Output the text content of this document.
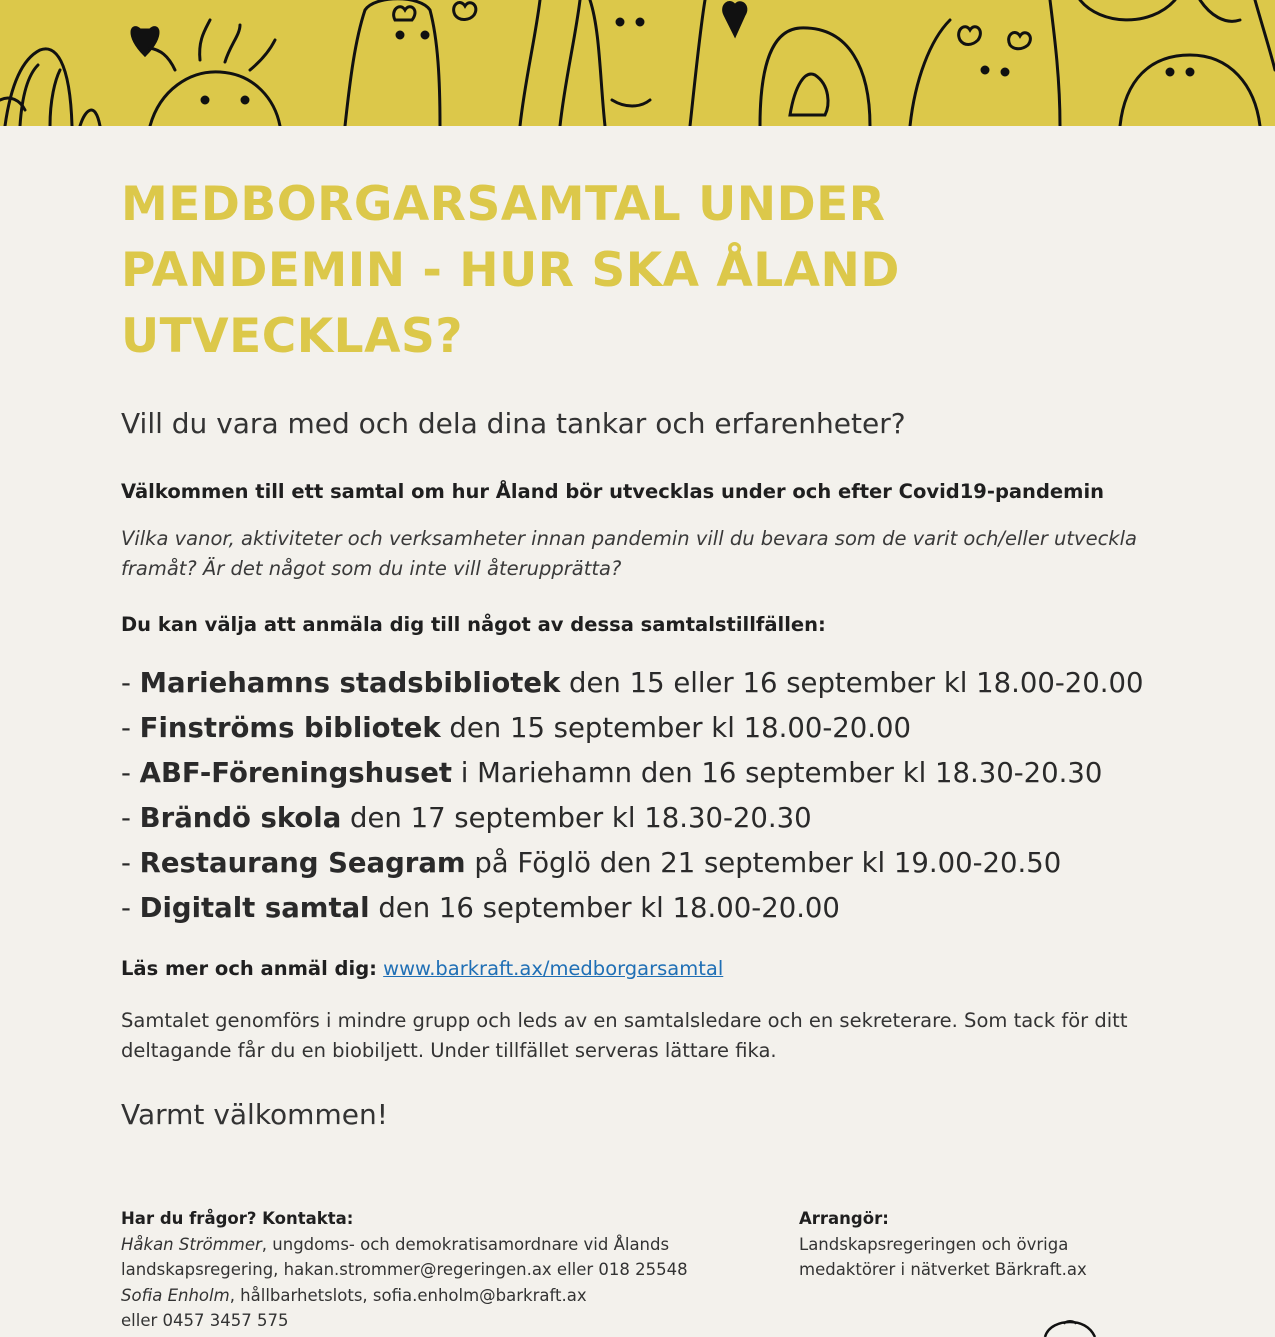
MEDBORGARSAMTAL UNDER
PANDEMIN - HUR SKA ÅLAND
UTVECKLAS?

Vill du vara med och dela dina tankar och erfarenheter?

Välkommen till ett samtal om hur Åland bör utvecklas under och efter Covid19-pandemin

Vilka vanor, aktiviteter och verksamheter innan pandemin vill du bevara som de varit och/eller utveckla framåt? Är det något som du inte vill återupprätta?

Du kan välja att anmäla dig till något av dessa samtalstillfällen:

- Mariehamns stadsbibliotek den 15 eller 16 september kl 18.00-20.00
- Finströms bibliotek den 15 september kl 18.00-20.00
- ABF-Föreningshuset i Mariehamn den 16 september kl 18.30-20.30
- Brändö skola den 17 september kl 18.30-20.30
- Restaurang Seagram på Föglö den 21 september kl 19.00-20.50
- Digitalt samtal den 16 september kl 18.00-20.00

Läs mer och anmäl dig: www.barkraft.ax/medborgarsamtal

Samtalet genomförs i mindre grupp och leds av en samtalsledare och en sekreterare. Som tack för ditt deltagande får du en biobiljett. Under tillfället serveras lättare fika.

Varmt välkommen!

Har du frågor? Kontakta:
Håkan Strömmer, ungdoms- och demokratisamordnare vid Ålands
landskapsregering, hakan.strommer@regeringen.ax eller 018 25548
Sofia Enholm, hållbarhetslots, sofia.enholm@barkraft.ax
eller 0457 3457 575
Arrangör:
Landskapsregeringen och övriga
medaktörer i nätverket Bärkraft.ax
